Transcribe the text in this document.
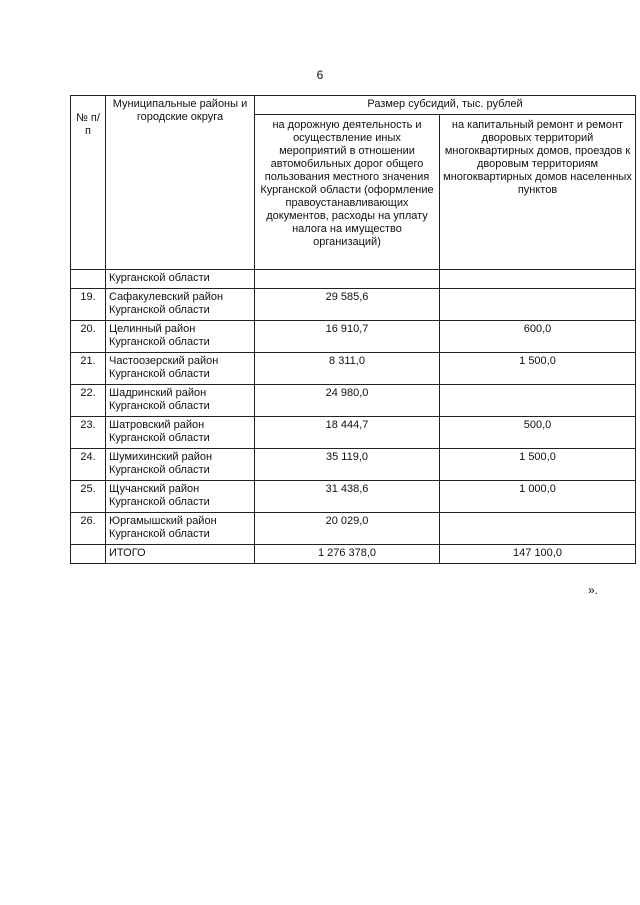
6
№ п/п	Муниципальные районы и городские округа	Размер субсидий, тыс. рублей	
		на дорожную деятельность и осуществление иных мероприятий в отношении автомобильных дорог общего пользования местного значения Курганской области (оформление правоустанавливающих документов, расходы на уплату налога на имущество организаций)	на капитальный ремонт и ремонт дворовых территорий многоквартирных домов, проездов к дворовым территориям многоквартирных домов населенных пунктов
	Курганской области		
19.	Сафакулевский район Курганской области	29 585,6	
20.	Целинный район Курганской области	16 910,7	600,0
21.	Частоозерский район Курганской области	8 311,0	1 500,0
22.	Шадринский район Курганской области	24 980,0	
23.	Шатровский район Курганской области	18 444,7	500,0
24.	Шумихинский район Курганской области	35 119,0	1 500,0
25.	Щучанский район Курганской области	31 438,6	1 000,0
26.	Юргамышский район Курганской области	20 029,0	
	ИТОГО	1 276 378,0	147 100,0
».
